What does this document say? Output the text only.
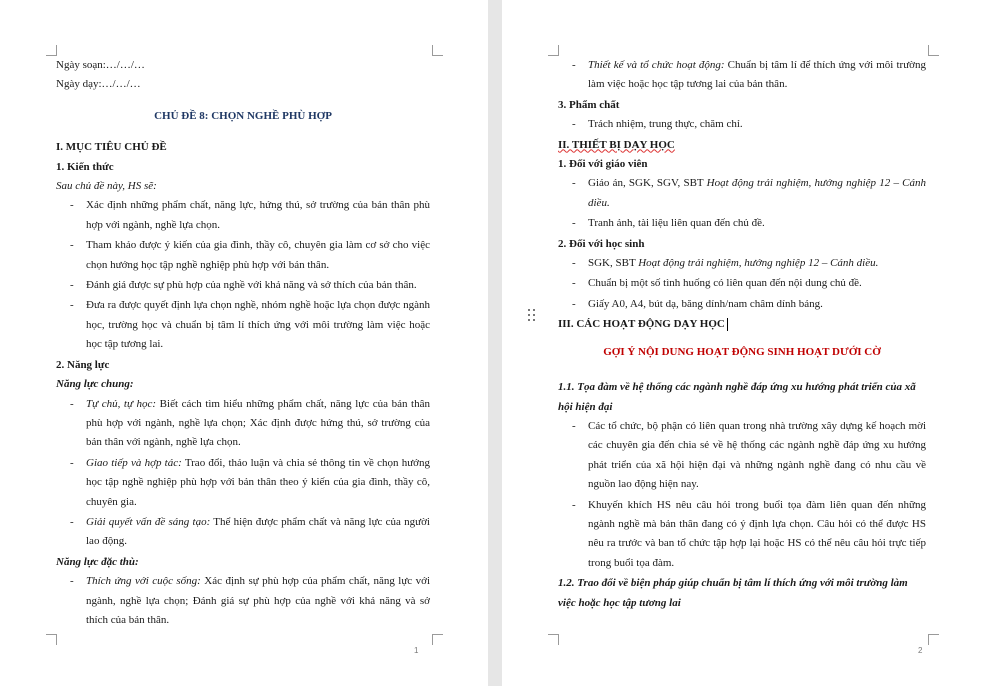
Ngày soạn:…/…/…

Ngày dạy:…/…/…

CHỦ ĐỀ 8: CHỌN NGHỀ PHÙ HỢP

I. MỤC TIÊU CHỦ ĐỀ

1. Kiến thức

Sau chủ đề này, HS sẽ:

- Xác định những phẩm chất, năng lực, hứng thú, sở trường của bản thân phù hợp với ngành, nghề lựa chọn.
- Tham khảo được ý kiến của gia đình, thầy cô, chuyên gia làm cơ sở cho việc chọn hướng học tập nghề nghiệp phù hợp với bản thân.
- Đánh giá được sự phù hợp của nghề với khả năng và sở thích của bản thân.
- Đưa ra được quyết định lựa chọn nghề, nhóm nghề hoặc lựa chọn được ngành học, trường học và chuẩn bị tâm lí thích ứng với môi trường làm việc hoặc học tập tương lai.

2. Năng lực

Năng lực chung:

- Tự chủ, tự học: Biết cách tìm hiểu những phẩm chất, năng lực của bản thân phù hợp với ngành, nghề lựa chọn; Xác định được hứng thú, sở trường của bản thân với ngành, nghề lựa chọn.
- Giao tiếp và hợp tác: Trao đổi, thảo luận và chia sẻ thông tin về chọn hướng học tập nghề nghiệp phù hợp với bản thân theo ý kiến của gia đình, thầy cô, chuyên gia.
- Giải quyết vấn đề sáng tạo: Thể hiện được phẩm chất và năng lực của người lao động.

Năng lực đặc thù:

- Thích ứng với cuộc sống: Xác định sự phù hợp của phẩm chất, năng lực với ngành, nghề lựa chọn; Đánh giá sự phù hợp của nghề với khả năng và sở thích của bản thân.
1
- Thiết kế và tổ chức hoạt động: Chuẩn bị tâm lí để thích ứng với môi trường làm việc hoặc học tập tương lai của bản thân.

3. Phẩm chất

- Trách nhiệm, trung thực, chăm chỉ.

II. THIẾT BỊ DẠY HỌC

1. Đối với giáo viên

- Giáo án, SGK, SGV, SBT Hoạt động trải nghiệm, hướng nghiệp 12 – Cánh diều.
- Tranh ảnh, tài liệu liên quan đến chủ đề.

2. Đối với học sinh

- SGK, SBT Hoạt động trải nghiệm, hướng nghiệp 12 – Cánh diều.
- Chuẩn bị một số tình huống có liên quan đến nội dung chủ đề.
- Giấy A0, A4, bút dạ, băng dính/nam châm dính bảng.

III. CÁC HOẠT ĐỘNG DẠY HỌC

GỢI Ý NỘI DUNG HOẠT ĐỘNG SINH HOẠT DƯỚI CỜ

1.1. Tọa đàm về hệ thống các ngành nghề đáp ứng xu hướng phát triển của xã hội hiện đại

- Các tổ chức, bộ phận có liên quan trong nhà trường xây dựng kế hoạch mời các chuyên gia đến chia sẻ về hệ thống các ngành nghề đáp ứng xu hướng phát triển của xã hội hiện đại và những ngành nghề đang có nhu cầu về nguồn lao động hiện nay.
- Khuyến khích HS nêu câu hỏi trong buổi tọa đàm liên quan đến những ngành nghề mà bản thân đang có ý định lựa chọn. Câu hỏi có thể được HS nêu ra trước và ban tổ chức tập hợp lại hoặc HS có thể nêu câu hỏi trực tiếp trong buổi tọa đàm.

1.2. Trao đổi về biện pháp giúp chuẩn bị tâm lí thích ứng với môi trường làm việc hoặc học tập tương lai

2
